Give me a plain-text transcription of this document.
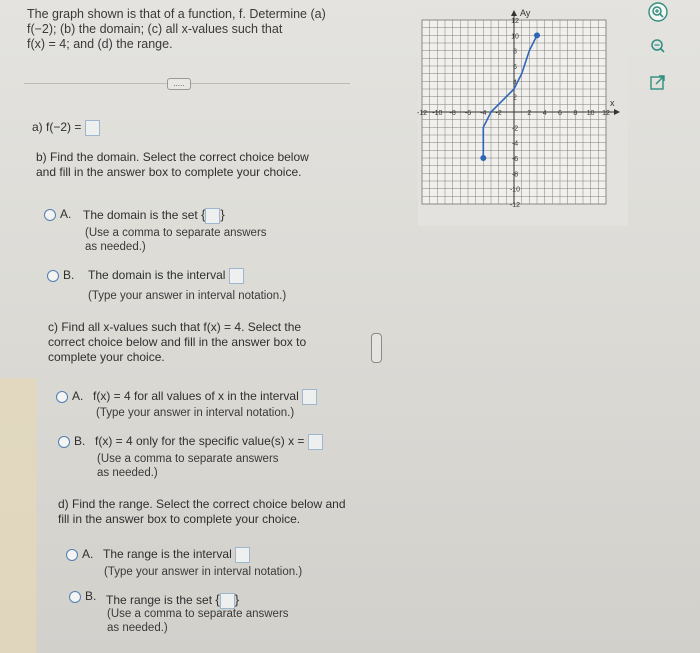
The graph shown is that of a function, f. Determine (a)
f(−2); (b) the domain; (c) all x-values such that
f(x) = 4; and (d) the range.
.....
a) f(−2) =
b) Find the domain. Select the correct choice below
and fill in the answer box to complete your choice.
A. The domain is the set { }
(Use a comma to separate answers
as needed.)
B. The domain is the interval
(Type your answer in interval notation.)
c) Find all x-values such that f(x) = 4. Select the
correct choice below and fill in the answer box to
complete your choice.
A. f(x) = 4 for all values of x in the interval
(Type your answer in interval notation.)
B. f(x) = 4 only for the specific value(s) x =
(Use a comma to separate answers
as needed.)
d) Find the range. Select the correct choice below and
fill in the answer box to complete your choice.
A. The range is the interval
(Type your answer in interval notation.)
B. The range is the set { }
(Use a comma to separate answers
as needed.)
-12 -10 -8 -6 -4 -2	2 4 6 8 10 12
12
10
8
6
4
2
-2
-4
-6
-8
-10
-12
x
Ay
